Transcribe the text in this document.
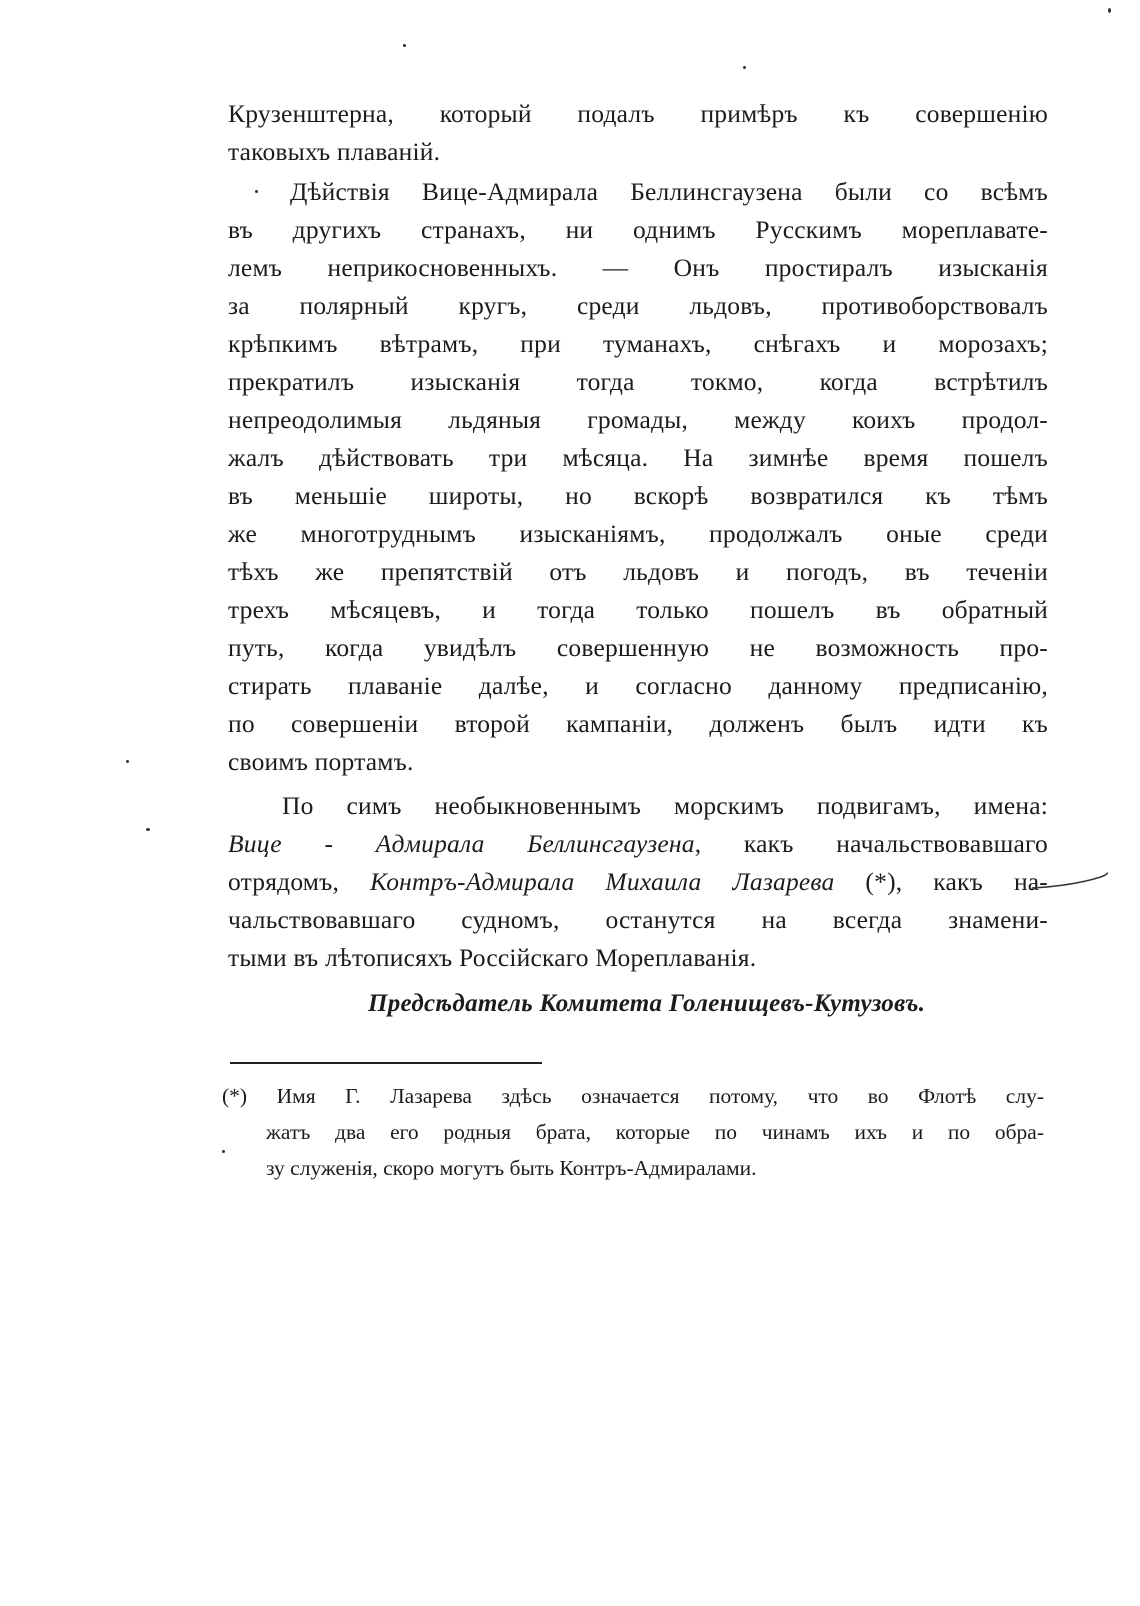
Крузенштерна, который подалъ примѣръ къ совершенію
таковыхъ плаваній.
Дѣйствія Вице-Адмирала Беллинсгаузена были со всѣмъ
въ другихъ странахъ, ни однимъ Русскимъ мореплавате-
лемъ неприкосновенныхъ. — Онъ простиралъ изысканія
за полярный кругъ, среди льдовъ, противоборствовалъ
крѣпкимъ вѣтрамъ, при туманахъ, снѣгахъ и морозахъ;
прекратилъ изысканія тогда токмо, когда встрѣтилъ
непреодолимыя льдяныя громады, между коихъ продол-
жалъ дѣйствовать три мѣсяца. На зимнѣе время пошелъ
въ меньшіе широты, но вскорѣ возвратился къ тѣмъ
же многотруднымъ изысканіямъ, продолжалъ оные среди
тѣхъ же препятствій отъ льдовъ и погодъ, въ теченіи
трехъ мѣсяцевъ, и тогда только пошелъ въ обратный
путь, когда увидѣлъ совершенную не возможность про-
стирать плаваніе далѣе, и согласно данному предписанію,
по совершеніи второй кампаніи, долженъ былъ идти къ
своимъ портамъ.
По симъ необыкновеннымъ морскимъ подвигамъ, имена:
Вице - Адмирала Беллинсгаузена, какъ начальствовавшаго
отрядомъ, Контръ-Адмирала Михаила Лазарева (*), какъ на-
чальствовавшаго судномъ, останутся на всегда знамени-
тыми въ лѣтописяхъ Россійскаго Мореплаванія.
Предсѣдатель Комитета Голенищевъ-Кутузовъ.
(*) Имя Г. Лазарева здѣсь означается потому, что во Флотѣ слу-
жатъ два его родныя брата, которые по чинамъ ихъ и по обра-
зу служенія, скоро могутъ быть Контръ-Адмиралами.
